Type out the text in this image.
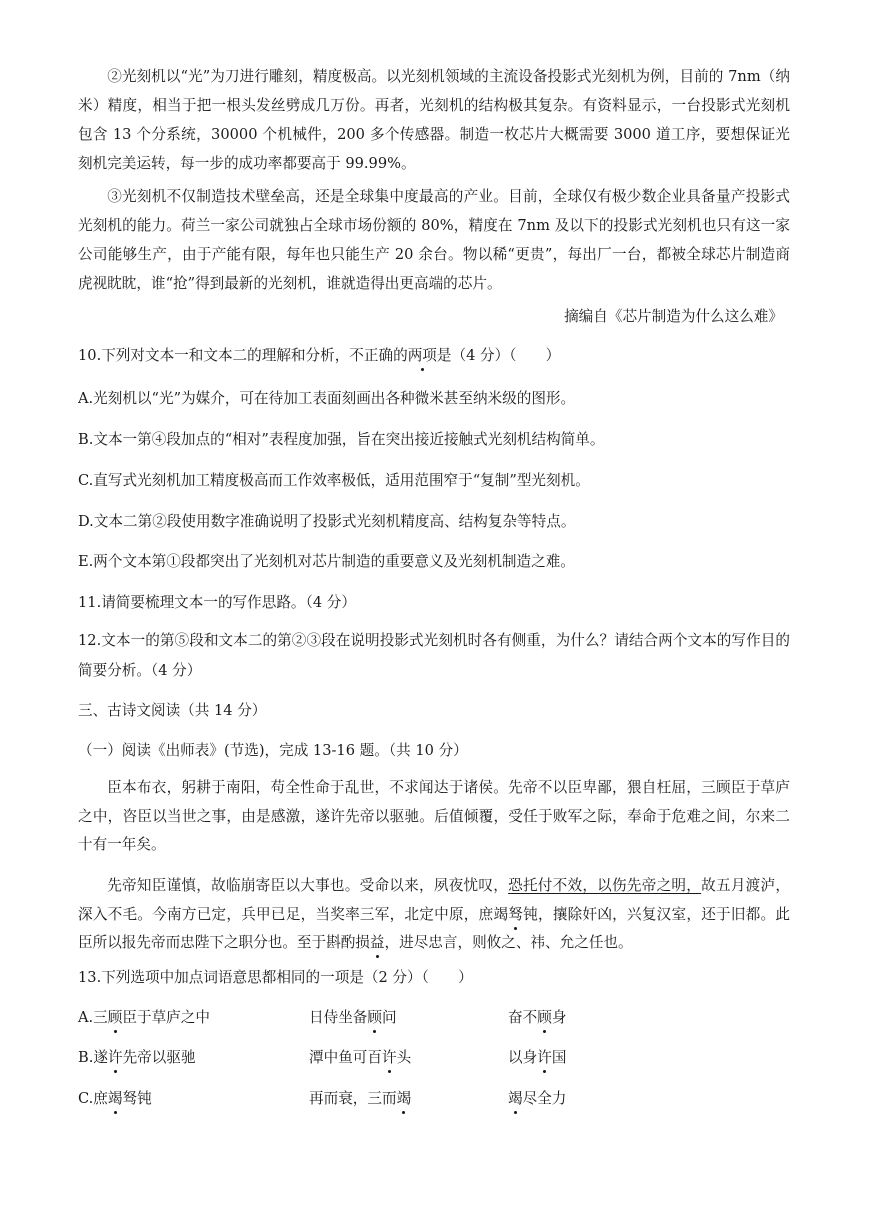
②光刻机以“光”为刀进行雕刻，精度极高。以光刻机领域的主流设备投影式光刻机为例，目前的 7nm（纳米）精度，相当于把一根头发丝劈成几万份。再者，光刻机的结构极其复杂。有资料显示，一台投影式光刻机包含 13 个分系统，30000 个机械件，200 多个传感器。制造一枚芯片大概需要 3000 道工序，要想保证光刻机完美运转，每一步的成功率都要高于 99.99%。

③光刻机不仅制造技术壁垒高，还是全球集中度最高的产业。目前，全球仅有极少数企业具备量产投影式光刻机的能力。荷兰一家公司就独占全球市场份额的 80%，精度在 7nm 及以下的投影式光刻机也只有这一家公司能够生产，由于产能有限，每年也只能生产 20 余台。物以稀“更贵”，每出厂一台，都被全球芯片制造商虎视眈眈，谁“抢”得到最新的光刻机，谁就造得出更高端的芯片。

摘编自《芯片制造为什么这么难》

10.下列对文本一和文本二的理解和分析，不正确的两项是（4 分）（　　）

A.光刻机以“光”为媒介，可在待加工表面刻画出各种微米甚至纳米级的图形。

B.文本一第④段加点的“相对”表程度加强，旨在突出接近接触式光刻机结构简单。

C.直写式光刻机加工精度极高而工作效率极低，适用范围窄于“复制”型光刻机。

D.文本二第②段使用数字准确说明了投影式光刻机精度高、结构复杂等特点。

E.两个文本第①段都突出了光刻机对芯片制造的重要意义及光刻机制造之难。

11.请简要梳理文本一的写作思路。（4 分）

12.文本一的第⑤段和文本二的第②③段在说明投影式光刻机时各有侧重，为什么？请结合两个文本的写作目的简要分析。（4 分）

三、古诗文阅读（共 14 分）

（一）阅读《出师表》(节选)，完成 13-16 题。（共 10 分）

臣本布衣，躬耕于南阳，苟全性命于乱世，不求闻达于诸侯。先帝不以臣卑鄙，猥自枉屈，三顾臣于草庐之中，咨臣以当世之事，由是感激，遂许先帝以驱驰。后值倾覆，受任于败军之际，奉命于危难之间，尔来二十有一年矣。

先帝知臣谨慎，故临崩寄臣以大事也。受命以来，夙夜忧叹，恐托付不效，以伤先帝之明，故五月渡泸，深入不毛。今南方已定，兵甲已足，当奖率三军，北定中原，庶竭驽钝，攘除奸凶，兴复汉室，还于旧都。此臣所以报先帝而忠陛下之职分也。至于斟酌损益，进尽忠言，则攸之、祎、允之任也。

13.下列选项中加点词语意思都相同的一项是（2 分）（　　）

A.三顾臣于草庐之中	日侍坐备顾问	奋不顾身

B.遂许先帝以驱驰	潭中鱼可百许头	以身许国

C.庶竭驽钝	再而衰，三而竭	竭尽全力
